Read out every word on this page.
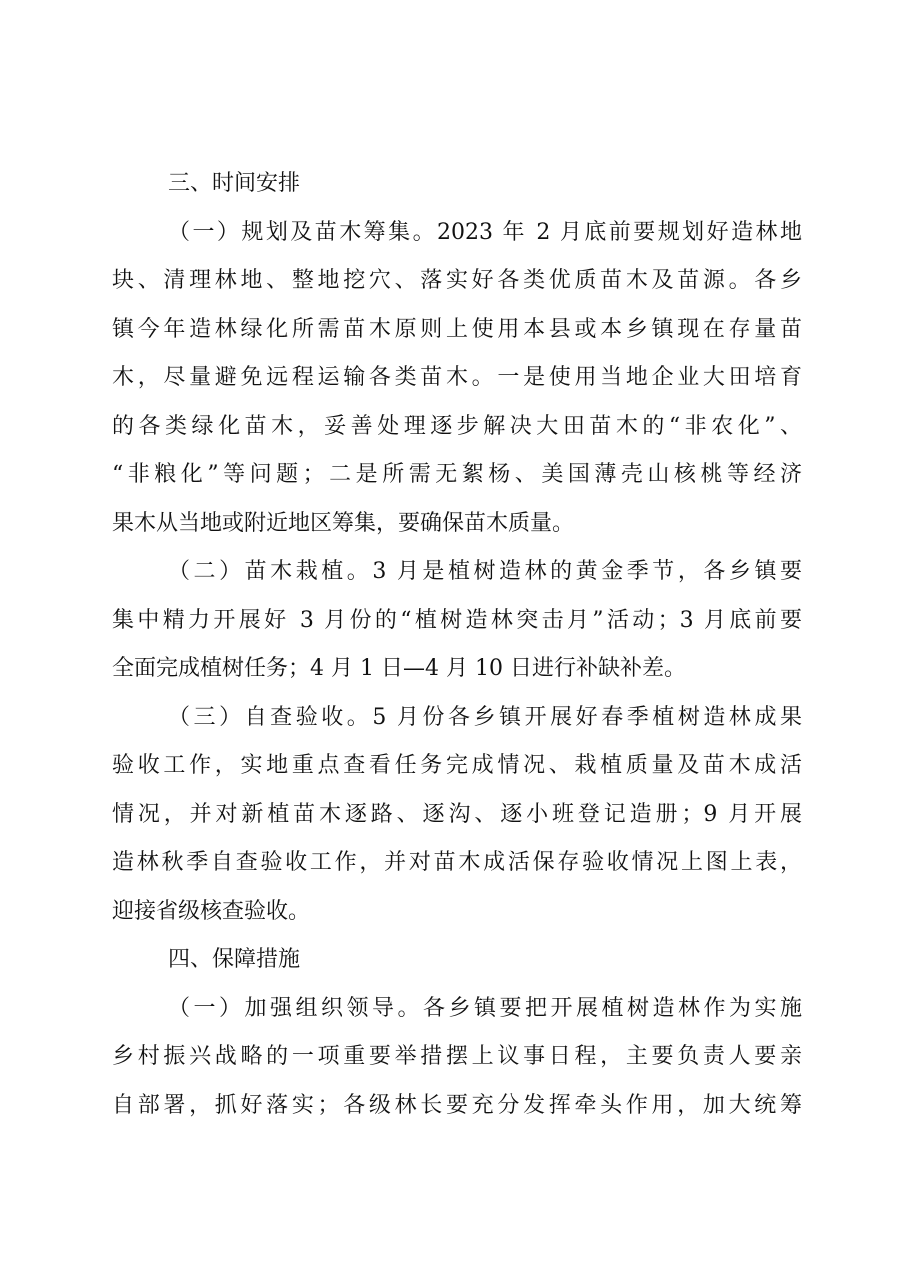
三、时间安排
（一）规划及苗木筹集。2023 年 2 月底前要规划好造林地
块、清理林地、整地挖穴、落实好各类优质苗木及苗源。各乡
镇今年造林绿化所需苗木原则上使用本县或本乡镇现在存量苗
木，尽量避免远程运输各类苗木。一是使用当地企业大田培育
的各类绿化苗木，妥善处理逐步解决大田苗木的“非农化”、
“非粮化”等问题；二是所需无絮杨、美国薄壳山核桃等经济
果木从当地或附近地区筹集，要确保苗木质量。
（二）苗木栽植。3 月是植树造林的黄金季节，各乡镇要
集中精力开展好 3 月份的“植树造林突击月”活动；3 月底前要
全面完成植树任务；4 月 1 日—4 月 10 日进行补缺补差。
（三）自查验收。5 月份各乡镇开展好春季植树造林成果
验收工作，实地重点查看任务完成情况、栽植质量及苗木成活
情况，并对新植苗木逐路、逐沟、逐小班登记造册；9 月开展
造林秋季自查验收工作，并对苗木成活保存验收情况上图上表，
迎接省级核查验收。
四、保障措施
（一）加强组织领导。各乡镇要把开展植树造林作为实施
乡村振兴战略的一项重要举措摆上议事日程，主要负责人要亲
自部署，抓好落实；各级林长要充分发挥牵头作用，加大统筹
